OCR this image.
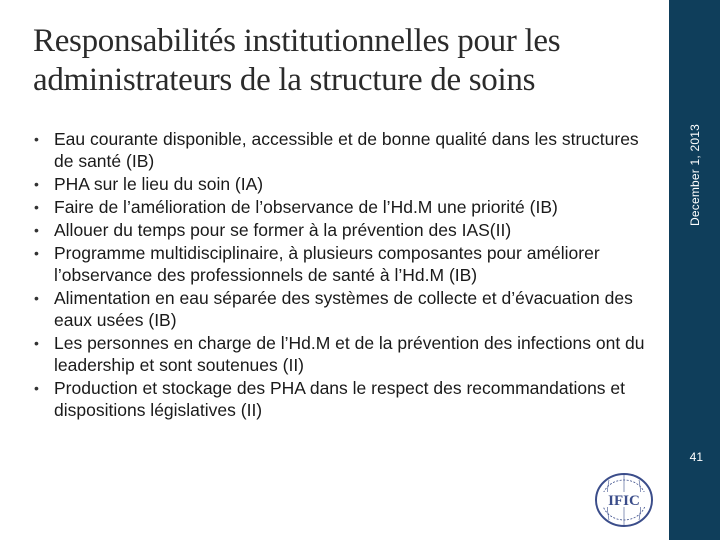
Responsabilités institutionnelles pour les administrateurs de la structure de soins
• Eau courante disponible, accessible et de bonne qualité dans les structures de santé (IB)
• PHA sur le lieu du soin (IA)
• Faire de l’amélioration de l’observance de l’Hd.M une priorité (IB)
• Allouer du temps pour se former à la prévention des IAS(II)
• Programme multidisciplinaire, à plusieurs composantes pour améliorer l’observance des professionnels de santé à l’Hd.M (IB)
• Alimentation en eau séparée des systèmes de collecte et d’évacuation des eaux usées (IB)
• Les personnes en charge de l’Hd.M et de la prévention des infections ont du leadership et sont soutenues (II)
• Production et stockage des PHA dans le respect des recommandations et dispositions législatives (II)
December 1, 2013
41
IFIC
